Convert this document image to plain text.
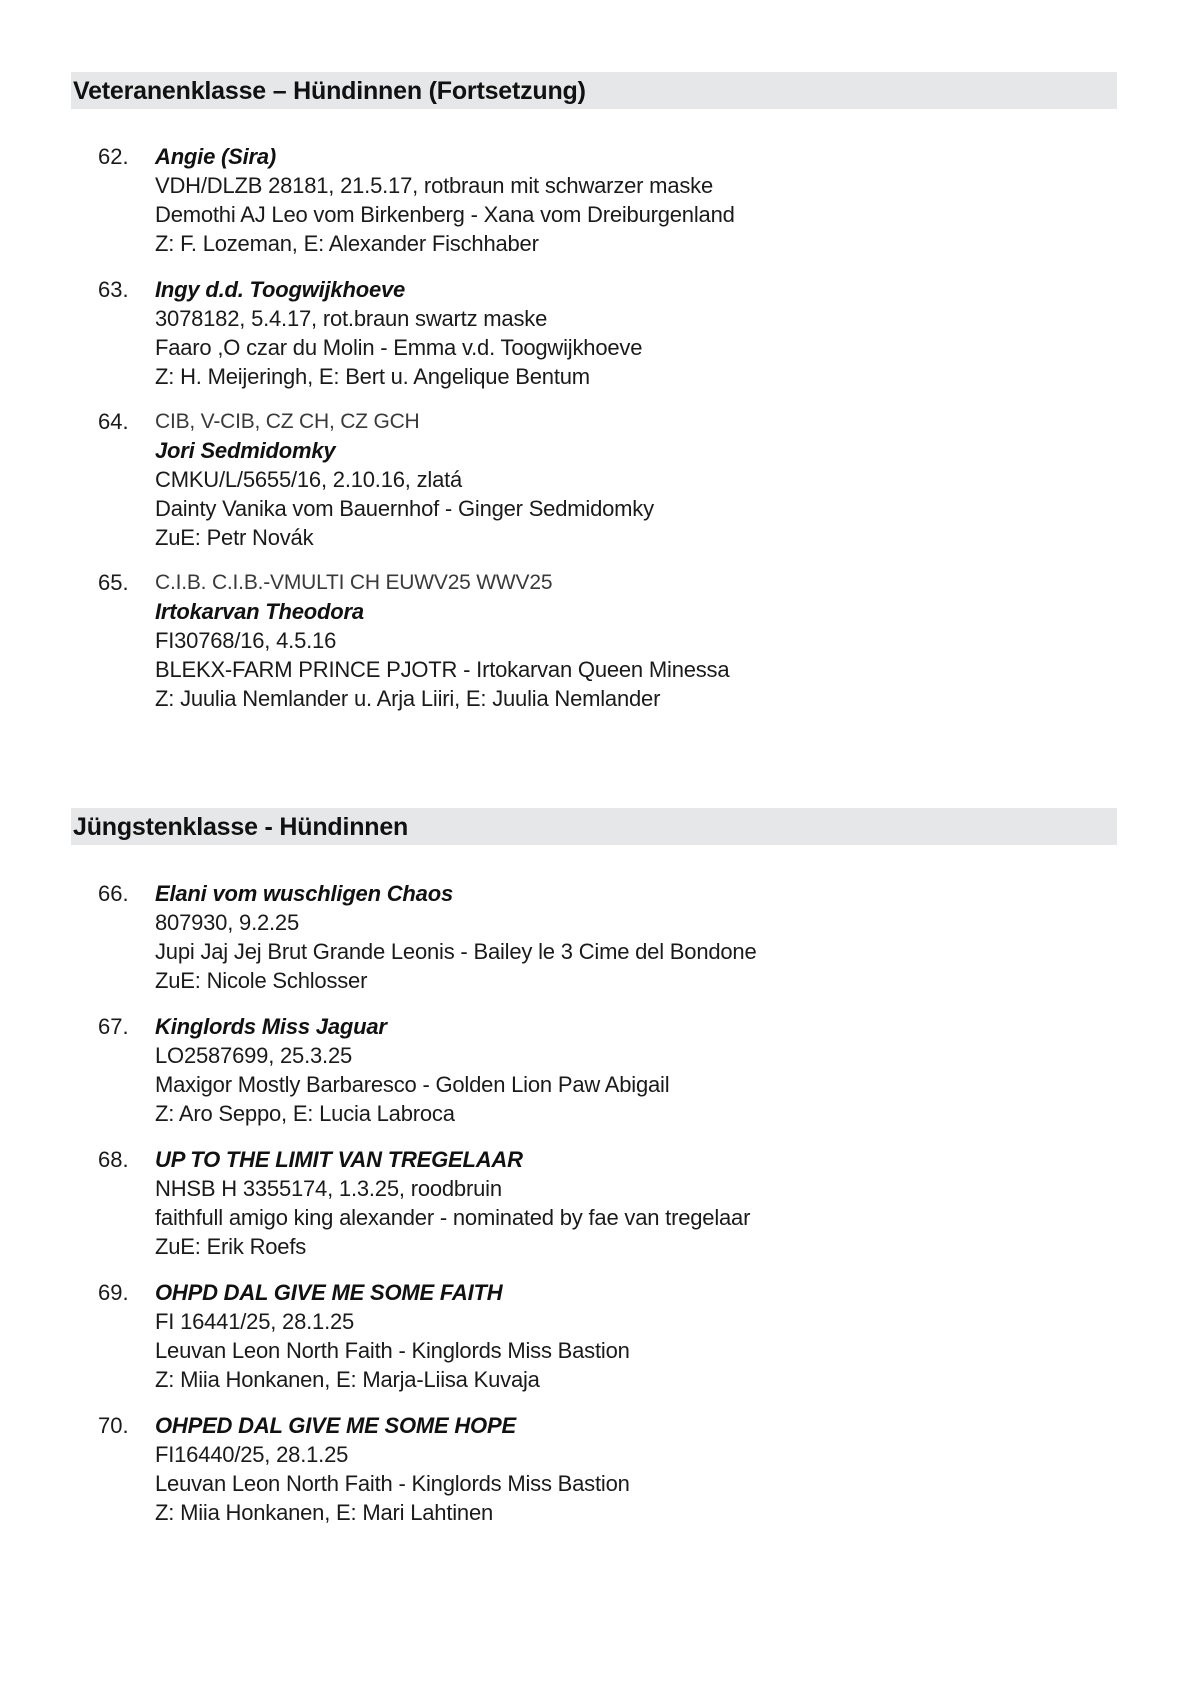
Veteranenklasse – Hündinnen (Fortsetzung)
62.	Angie (Sira)
VDH/DLZB 28181, 21.5.17, rotbraun mit schwarzer maske
Demothi AJ Leo vom Birkenberg - Xana vom Dreiburgenland
Z: F. Lozeman, E: Alexander Fischhaber
63.	Ingy d.d. Toogwijkhoeve
3078182, 5.4.17, rot.braun swartz maske
Faaro ,O czar du Molin - Emma v.d. Toogwijkhoeve
Z: H. Meijeringh, E: Bert u. Angelique Bentum
64.	CIB, V-CIB, CZ CH, CZ GCH
Jori Sedmidomky
CMKU/L/5655/16, 2.10.16, zlatá
Dainty Vanika vom Bauernhof - Ginger Sedmidomky
ZuE: Petr Novák
65.	C.I.B. C.I.B.-VMULTI CH EUWV25 WWV25
Irtokarvan Theodora
FI30768/16, 4.5.16
BLEKX-FARM PRINCE PJOTR - Irtokarvan Queen Minessa
Z: Juulia Nemlander u. Arja Liiri, E: Juulia Nemlander
Jüngstenklasse - Hündinnen
66.	Elani vom wuschligen Chaos
807930, 9.2.25
Jupi Jaj Jej Brut Grande Leonis - Bailey le 3 Cime del Bondone
ZuE: Nicole Schlosser
67.	Kinglords Miss Jaguar
LO2587699, 25.3.25
Maxigor Mostly Barbaresco - Golden Lion Paw Abigail
Z: Aro Seppo, E: Lucia Labroca
68.	UP TO THE LIMIT VAN TREGELAAR
NHSB H 3355174, 1.3.25, roodbruin
faithfull amigo king alexander - nominated by fae van tregelaar
ZuE: Erik Roefs
69.	OHPD DAL GIVE ME SOME FAITH
FI 16441/25, 28.1.25
Leuvan Leon North Faith - Kinglords Miss Bastion
Z: Miia Honkanen, E: Marja-Liisa Kuvaja
70.	OHPED DAL GIVE ME SOME HOPE
FI16440/25, 28.1.25
Leuvan Leon North Faith - Kinglords Miss Bastion
Z: Miia Honkanen, E: Mari Lahtinen
